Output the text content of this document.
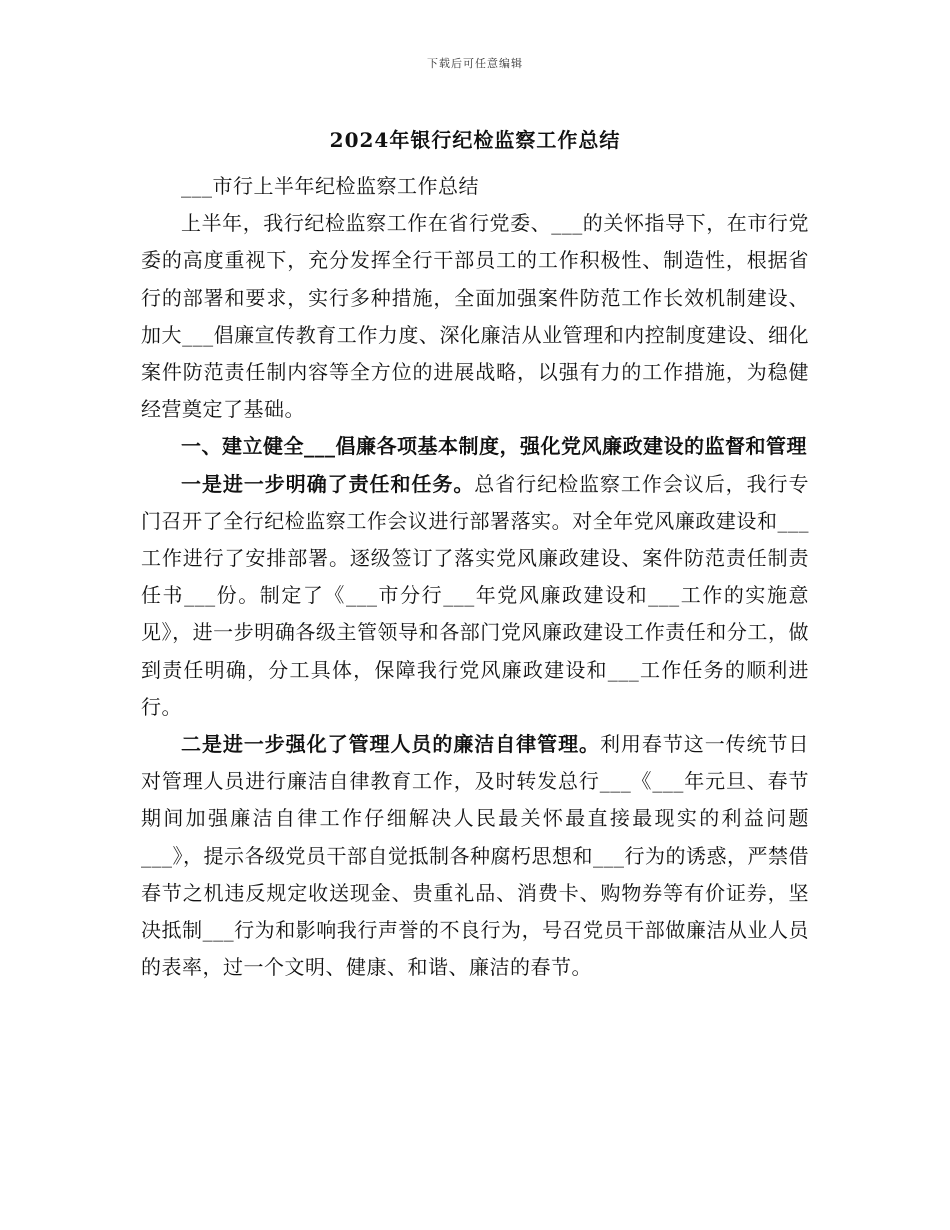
下载后可任意编辑
2024年银行纪检监察工作总结

___市行上半年纪检监察工作总结

上半年，我行纪检监察工作在省行党委、___的关怀指导下，在市行党委的高度重视下，充分发挥全行干部员工的工作积极性、制造性，根据省行的部署和要求，实行多种措施，全面加强案件防范工作长效机制建设、加大___倡廉宣传教育工作力度、深化廉洁从业管理和内控制度建设、细化案件防范责任制内容等全方位的进展战略，以强有力的工作措施，为稳健经营奠定了基础。

一、建立健全___倡廉各项基本制度，强化党风廉政建设的监督和管理

一是进一步明确了责任和任务。总省行纪检监察工作会议后，我行专门召开了全行纪检监察工作会议进行部署落实。对全年党风廉政建设和___工作进行了安排部署。逐级签订了落实党风廉政建设、案件防范责任制责任书___份。制定了《___市分行___年党风廉政建设和___工作的实施意见》，进一步明确各级主管领导和各部门党风廉政建设工作责任和分工，做到责任明确，分工具体，保障我行党风廉政建设和___工作任务的顺利进行。

二是进一步强化了管理人员的廉洁自律管理。利用春节这一传统节日对管理人员进行廉洁自律教育工作，及时转发总行___《___年元旦、春节期间加强廉洁自律工作仔细解决人民最关怀最直接最现实的利益问题___》，提示各级党员干部自觉抵制各种腐朽思想和___行为的诱惑，严禁借春节之机违反规定收送现金、贵重礼品、消费卡、购物券等有价证券，坚决抵制___行为和影响我行声誉的不良行为，号召党员干部做廉洁从业人员的表率，过一个文明、健康、和谐、廉洁的春节。
